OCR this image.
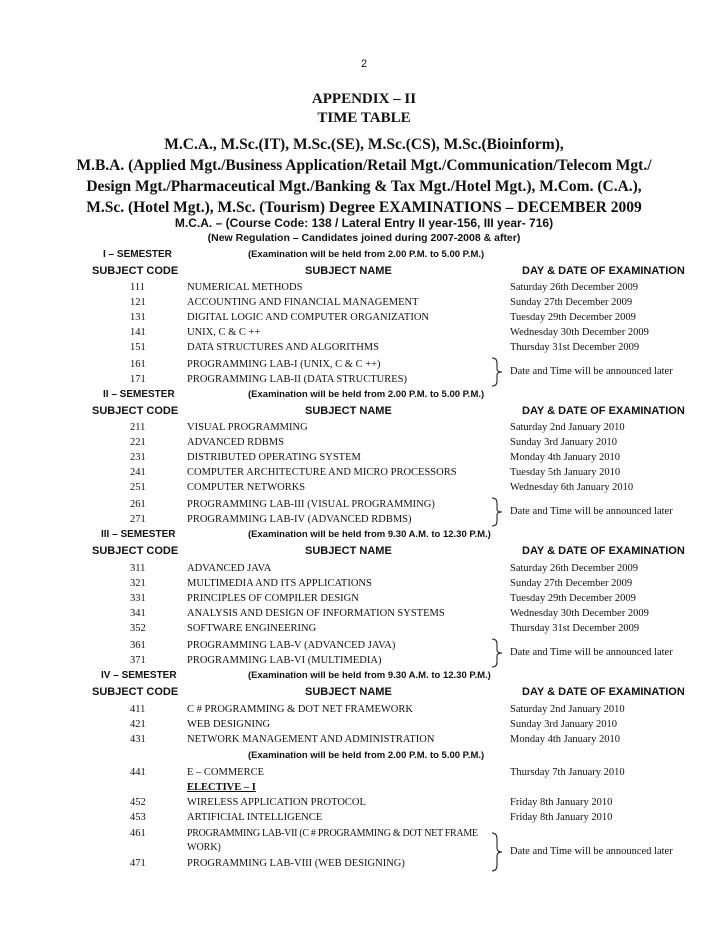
2
APPENDIX – II
TIME TABLE
M.C.A., M.Sc.(IT), M.Sc.(SE), M.Sc.(CS), M.Sc.(Bioinform),
M.B.A. (Applied Mgt./Business Application/Retail Mgt./Communication/Telecom Mgt./
Design Mgt./Pharmaceutical Mgt./Banking & Tax Mgt./Hotel Mgt.), M.Com. (C.A.),
M.Sc. (Hotel Mgt.), M.Sc. (Tourism) Degree EXAMINATIONS – DECEMBER 2009
M.C.A. – (Course Code: 138 / Lateral Entry II year-156, III year- 716)
(New Regulation – Candidates joined during 2007-2008 & after)
I – SEMESTER	(Examination will be held from 2.00 P.M. to 5.00 P.M.)
SUBJECT CODE	SUBJECT NAME	DAY & DATE OF EXAMINATION
111	NUMERICAL METHODS	Saturday 26th December 2009
121	ACCOUNTING AND FINANCIAL MANAGEMENT	Sunday 27th December 2009
131	DIGITAL LOGIC AND COMPUTER ORGANIZATION	Tuesday 29th December 2009
141	UNIX, C & C ++	Wednesday 30th December 2009
151	DATA STRUCTURES AND ALGORITHMS	Thursday 31st December 2009
161	PROGRAMMING LAB-I (UNIX, C & C ++)
171	PROGRAMMING LAB-II (DATA STRUCTURES)
Date and Time will be announced later
II – SEMESTER	(Examination will be held from 2.00 P.M. to 5.00 P.M.)
SUBJECT CODE	SUBJECT NAME	DAY & DATE OF EXAMINATION
211	VISUAL PROGRAMMING	Saturday 2nd January 2010
221	ADVANCED RDBMS	Sunday 3rd January 2010
231	DISTRIBUTED OPERATING SYSTEM	Monday 4th January 2010
241	COMPUTER ARCHITECTURE AND MICRO PROCESSORS	Tuesday 5th January 2010
251	COMPUTER NETWORKS	Wednesday 6th January 2010
261	PROGRAMMING LAB-III (VISUAL PROGRAMMING)
271	PROGRAMMING LAB-IV (ADVANCED RDBMS)
Date and Time will be announced later
III – SEMESTER	(Examination will be held from 9.30 A.M. to 12.30 P.M.)
SUBJECT CODE	SUBJECT NAME	DAY & DATE OF EXAMINATION
311	ADVANCED JAVA	Saturday 26th December 2009
321	MULTIMEDIA AND ITS APPLICATIONS	Sunday 27th December 2009
331	PRINCIPLES OF COMPILER DESIGN	Tuesday 29th December 2009
341	ANALYSIS AND DESIGN OF INFORMATION SYSTEMS	Wednesday 30th December 2009
352	SOFTWARE ENGINEERING	Thursday 31st December 2009
361	PROGRAMMING LAB-V (ADVANCED JAVA)
371	PROGRAMMING LAB-VI (MULTIMEDIA)
Date and Time will be announced later
IV – SEMESTER	(Examination will be held from 9.30 A.M. to 12.30 P.M.)
SUBJECT CODE	SUBJECT NAME	DAY & DATE OF EXAMINATION
411	C # PROGRAMMING & DOT NET FRAMEWORK	Saturday 2nd January 2010
421	WEB DESIGNING	Sunday 3rd January 2010
431	NETWORK MANAGEMENT AND ADMINISTRATION	Monday 4th January 2010
(Examination will be held from 2.00 P.M. to 5.00 P.M.)
441	E – COMMERCE	Thursday 7th January 2010
ELECTIVE – I
452	WIRELESS APPLICATION PROTOCOL	Friday 8th January 2010
453	ARTIFICIAL INTELLIGENCE	Friday 8th January 2010
461	PROGRAMMING LAB-VII (C # PROGRAMMING & DOT NET FRAME
WORK)
471	PROGRAMMING LAB-VIII (WEB DESIGNING)
Date and Time will be announced later
